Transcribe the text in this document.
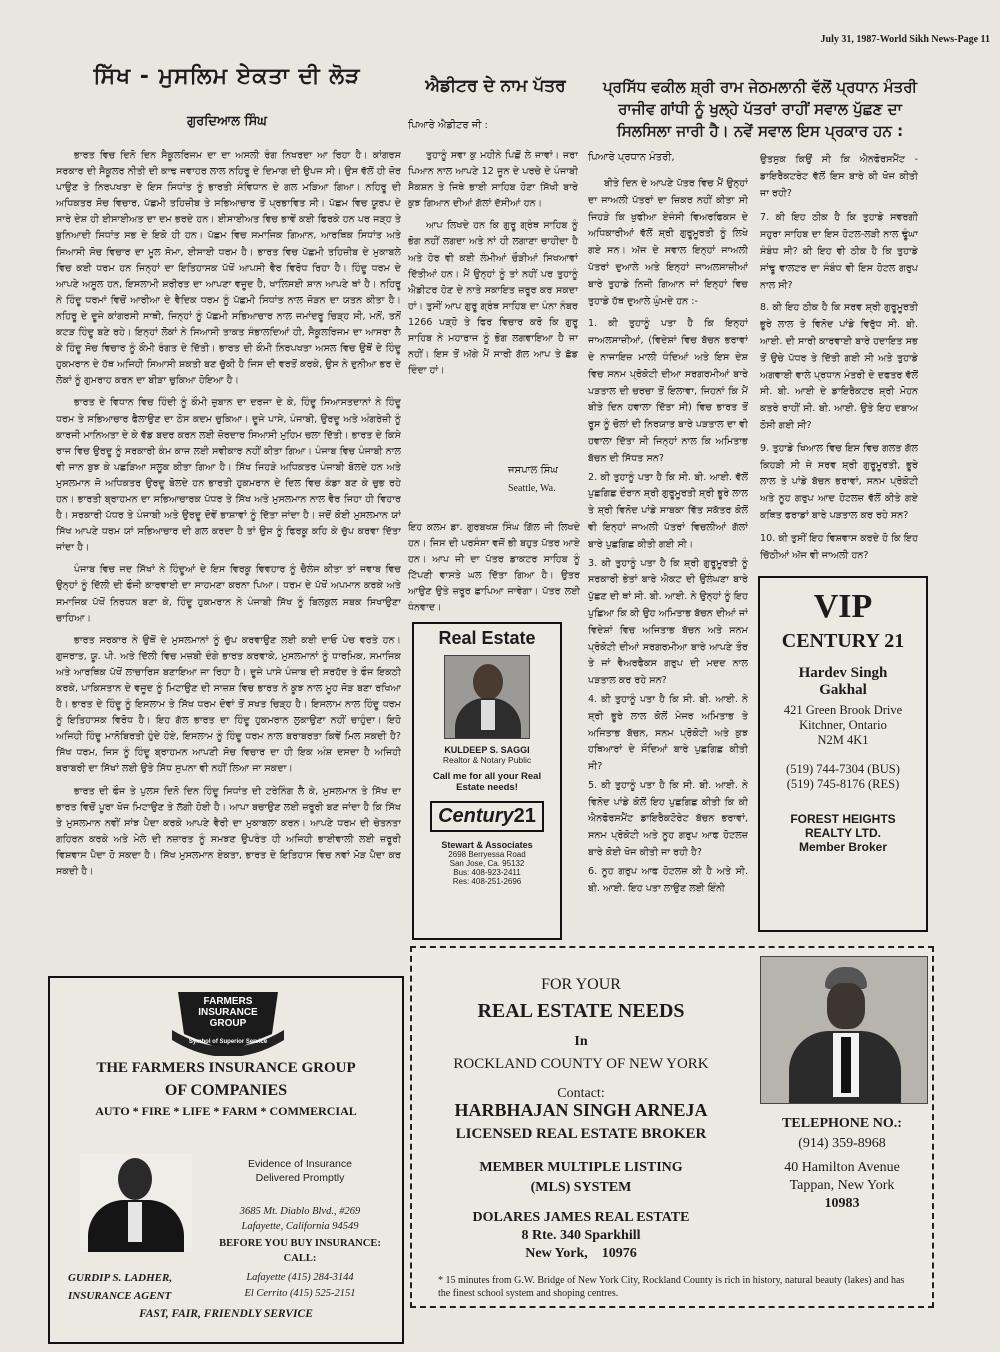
July 31, 1987-World Sikh News-Page 11
ਸਿੱਖ - ਮੁਸਲਿਮ ਏਕਤਾ ਦੀ ਲੋੜ
ਗੁਰਦਿਆਲ ਸਿੰਘ

ਭਾਰਤ ਵਿਚ ਦਿਨੋ ਦਿਨ ਸੈਕੂਲਰਿਜਮ ਦਾ ਦਾ ਅਸਲੀ ਰੰਗ ਨਿਖਰਦਾ ਆ ਰਿਹਾ ਹੈ। ਕਾਂਗਰਸ ਸਰਕਾਰ ਦੀ ਸੈਕੂਲਰ ਨੀਤੀ ਦੀ ਕਾਢ ਜਵਾਹਰ ਲਾਲ ਨਹਿਰੂ ਦੇ ਦਿਮਾਗ ਦੀ ਉਪਜ ਸੀ। ਉਸ ਵੱਲੋਂ ਹੀ ਜ਼ੋਰ ਪਾਉਣ ਤੇ ਨਿਰਪਖਤਾ ਦੇ ਇਸ ਸਿਧਾਂਤ ਨੂੰ ਭਾਰਤੀ ਸੰਵਿਧਾਨ ਦੇ ਗਲ ਮੜਿਆ ਗਿਆ। ਨਹਿਰੂ ਦੀ ਅਧਿਕਤਰ ਸੋਚ ਵਿਚਾਰ, ਪੱਛਮੀ ਤਹਿਜ਼ੀਬ ਤੇ ਸਭਿਆਚਾਰ ਤੋਂ ਪ੍ਰਭਾਵਿਤ ਸੀ। ਪੱਛਮ ਵਿਚ ਯੂਰਪ ਦੇ ਸਾਰੇ ਦੇਸ਼ ਹੀ ਈਸਾਈਅਤ ਦਾ ਦਮ ਭਰਦੇ ਹਨ। ਈਸਾਈਅਤ ਵਿਚ ਭਾਵੇਂ ਕਈ ਫਿਰਕੇ ਹਨ ਪਰ ਜੜ੍ਹ ਤੇ ਬੁਨਿਆਦੀ ਸਿਧਾਂਤ ਸਭ ਦੇ ਇਕੋ ਹੀ ਹਨ। ਪੱਛਮ ਵਿਚ ਸਮਾਜਿਕ ਗਿਆਨ, ਆਰਥਿਕ ਸਿਧਾਂਤ ਅਤੇ ਸਿਆਸੀ ਸੋਚ ਵਿਚਾਰ ਦਾ ਮੂਲ ਸੋਮਾ, ਈਸਾਈ ਧਰਮ ਹੈ। ਭਾਰਤ ਵਿਚ ਪੱਛਮੀ ਤਹਿਜ਼ੀਬ ਦੇ ਮੁਕਾਬਲੇ ਵਿਚ ਕਈ ਧਰਮ ਹਨ ਜਿਨ੍ਹਾਂ ਦਾ ਇਤਿਹਾਸਕ ਪੱਖੋਂ ਆਪਸੀ ਵੈਰ ਵਿਰੋਧ ਰਿਹਾ ਹੈ। ਹਿੰਦੂ ਧਰਮ ਦੇ ਆਪਣੇ ਅਸੂਲ ਹਨ, ਇਸਲਾਮੀ ਸ਼ਰੀਰਤ ਦਾ ਆਪਣਾ ਵਜੂਦ ਹੈ, ਖਾਲਿਸਈ ਸ਼ਾਨ ਆਪਣੇ ਥਾਂ ਹੈ। ਨਹਿਰੂ ਨੇ ਹਿੰਦੂ ਧਰਮਾਂ ਵਿਚੋਂ ਆਰੀਆ ਦੇ ਵੈਦਿਕ ਧਰਮ ਨੂੰ ਪੱਛਮੀ ਸਿਧਾਂਤ ਨਾਲ ਜੋੜਨ ਦਾ ਯਤਨ ਕੀਤਾ ਹੈ। ਨਹਿਰੂ ਦੇ ਦੂਜੇ ਕਾਂਗਰਸੀ ਸਾਥੀ, ਜਿਨ੍ਹਾਂ ਨੂੰ ਪੱਛਮੀ ਸਭਿਆਚਾਰ ਨਾਲ ਜਮਾਂਦਰੂ ਚਿੜ੍ਹ ਸੀ, ਮਨੋਂ, ਤਨੋਂ ਕਟੜ ਹਿੰਦੂ ਬਣੇ ਰਹੇ। ਇਨ੍ਹਾਂ ਲੋਕਾਂ ਨੇ ਸਿਆਸੀ ਤਾਕਤ ਸੰਭਾਲਦਿਆਂ ਹੀ, ਸੈਕੂਲਰਿਜਮ ਦਾ ਆਸਰਾ ਲੈ ਕੇ ਹਿੰਦੂ ਸੋਚ ਵਿਚਾਰ ਨੂੰ ਕੌਮੀ ਰੰਗਤ ਦੇ ਦਿੱਤੀ। ਭਾਰਤ ਦੀ ਕੌਮੀ ਨਿਰਪਖਤਾ ਅਸਲ ਵਿਚ ਉਥੋਂ ਦੇ ਹਿੰਦੂ ਹੁਕਮਰਾਨ ਦੇ ਹੱਥ ਅਜਿਹੀ ਸਿਆਸੀ ਸ਼ਕਤੀ ਬਣ ਚੁੱਕੀ ਹੈ ਜਿਸ ਦੀ ਵਰਤੋਂ ਕਰਕੇ, ਉਸ ਨੇ ਦੁਨੀਆ ਭਰ ਦੇ ਲੋਕਾਂ ਨੂੰ ਗੁਮਰਾਹ ਕਰਨ ਦਾ ਬੀੜਾ ਚੁਕਿਆ ਹੋਇਆ ਹੈ।

ਭਾਰਤ ਦੇ ਵਿਧਾਨ ਵਿਚ ਹਿੰਦੀ ਨੂੰ ਕੌਮੀ ਜ਼ੁਬਾਨ ਦਾ ਦਰਜਾ ਦੇ ਕੇ, ਹਿੰਦੂ ਸਿਆਸਤਦਾਨਾਂ ਨੇ ਹਿੰਦੂ ਧਰਮ ਤੇ ਸਭਿਆਚਾਰ ਫੈਲਾਉਣ ਦਾ ਠੋਸ ਕਦਮ ਚੁਕਿਆ। ਦੂਜੇ ਪਾਸੇ, ਪੰਜਾਬੀ, ਉਰਦੂ ਅਤੇ ਅੰਗਰੇਜ਼ੀ ਨੂੰ ਕਾਰਜੀ ਮਾਨਿਅਤਾ ਦੇ ਕੇ ਵੱਡ ਬਦਰ ਕਰਨ ਲਈ ਜ਼ੋਰਦਾਰ ਸਿਆਸੀ ਮੁਹਿਮ ਚਲਾ ਦਿੱਤੀ। ਭਾਰਤ ਦੇ ਕਿਸੇ ਰਾਜ ਵਿਚ ਉਰਦੂ ਨੂੰ ਸਰਕਾਰੀ ਕੰਮ ਕਾਜ ਲਈ ਸਵੀਕਾਰ ਨਹੀਂ ਕੀਤਾ ਗਿਆ। ਪੰਜਾਬ ਵਿਚ ਪੰਜਾਬੀ ਨਾਲ ਵੀ ਜਾਨ ਬੁਝ ਕੇ ਪਛੜਿਆ ਸਲੂਕ ਕੀਤਾ ਗਿਆ ਹੈ। ਸਿੱਖ ਜਿਹੜੇ ਅਧਿਕਤਰ ਪੰਜਾਬੀ ਬੋਲਦੇ ਹਨ ਅਤੇ ਮੁਸਲਮਾਨ ਜੋ ਅਧਿਕਤਰ ਉਰਦੂ ਬੋਲਦੇ ਹਨ ਭਾਰਤੀ ਹੁਕਮਰਾਨ ਦੇ ਦਿਲ ਵਿਚ ਕੰਡਾ ਬਣ ਕੇ ਚੁਭ ਰਹੇ ਹਨ। ਭਾਰਤੀ ਬ੍ਰਾਹਮਨ ਦਾ ਸਭਿਆਚਾਰਕ ਪੱਧਰ ਤੇ ਸਿੱਖ ਅਤੇ ਮੁਸਲਮਾਨ ਨਾਲ ਵੈਰ ਜਿਹਾ ਹੀ ਵਿਹਾਰ ਹੈ। ਸਰਕਾਰੀ ਪੱਧਰ ਤੇ ਪੰਜਾਬੀ ਅਤੇ ਉਰਦੂ ਦੋਵੇਂ ਭਾਸ਼ਾਵਾਂ ਨੂੰ ਦਿੱਤਾ ਜਾਂਦਾ ਹੈ। ਜਦੋਂ ਕੋਈ ਮੁਸਲਮਾਨ ਯਾਂ ਸਿੱਖ ਆਪਣੇ ਧਰਮ ਯਾਂ ਸਭਿਆਚਾਰ ਦੀ ਗਲ ਕਰਦਾ ਹੈ ਤਾਂ ਉਸ ਨੂੰ ਫਿਰਕੂ ਕਹਿ ਕੇ ਚੁੱਪ ਕਰਵਾ ਦਿੱਤਾ ਜਾਂਦਾ ਹੈ।

ਪੰਜਾਬ ਵਿਚ ਜਦ ਸਿੱਖਾਂ ਨੇ ਹਿੰਦੂਆਂ ਦੇ ਇਸ ਵਿਰਕੂ ਵਿਵਹਾਰ ਨੂੰ ਚੈਲੰਜ ਕੀਤਾ ਤਾਂ ਜਵਾਬ ਵਿਚ ਉਨ੍ਹਾਂ ਨੂੰ ਦਿੱਲੀ ਦੀ ਫੌਜੀ ਕਾਰਵਾਈ ਦਾ ਸਾਹਮਣਾ ਕਰਨਾ ਪਿਆ। ਧਰਮ ਦੇ ਪੱਖੋਂ ਅਪਮਾਨ ਕਰਕੇ ਅਤੇ ਸਮਾਜਿਕ ਪੱਖੋਂ ਨਿਰਧਨ ਬਣਾ ਕੇ, ਹਿੰਦੂ ਹੁਕਮਰਾਨ ਨੇ ਪੰਜਾਬੀ ਸਿੱਖ ਨੂੰ ਬਿਲਕੁਲ ਸਬਕ ਸਿਖਾਉਣਾ ਚਾਹਿਆ।

ਭਾਰਤ ਸਰਕਾਰ ਨੇ ਉਥੋਂ ਦੇ ਮੁਸਲਮਾਨਾਂ ਨੂੰ ਚੁੱਪ ਕਰਵਾਉਣ ਲਈ ਕਈ ਦਾਓ ਪੇਚ ਵਰਤੇ ਹਨ। ਗੁਜਰਾਤ, ਯੂ. ਪੀ. ਅਤੇ ਦਿੱਲੀ ਵਿਚ ਮਜ਼ਬੀ ਦੰਗੇ ਭਾਰਤ ਕਰਵਾਕੇ, ਮੁਸਲਮਾਨਾਂ ਨੂੰ ਧਾਰਮਿਕ, ਸਮਾਜਿਕ ਅਤੇ ਆਰਥਿਕ ਪੱਖੋਂ ਲਾਚਾਰਿਸ ਬਣਾਇਆ ਜਾ ਰਿਹਾ ਹੈ। ਦੂਜੇ ਪਾਸੇ ਪੰਜਾਬ ਦੀ ਸਰਹੱਦ ਤੇ ਫੌਜ ਇਕਠੀ ਕਰਕੇ, ਪਾਕਿਸਤਾਨ ਦੇ ਵਜੂਦ ਨੂੰ ਮਿਟਾਉਣ ਦੀ ਸਾਜ਼ਸ਼ ਵਿਚ ਭਾਰਤ ਨੇ ਕੂਝ ਨਾਲ ਮੂਹ ਜੋੜ ਬਣਾ ਰਖਿਆ ਹੈ। ਭਾਰਤ ਦੇ ਹਿੰਦੂ ਨੂੰ ਇਸਲਾਮ ਤੇ ਸਿੱਖ ਧਰਮ ਦੋਵਾਂ ਤੋਂ ਸਖਤ ਚਿੜ੍ਹ ਹੈ। ਇਸਲਾਮ ਨਾਲ ਹਿੰਦੂ ਧਰਮ ਨੂੰ ਇਤਿਹਾਸਕ ਵਿਰੋਧ ਹੈ। ਇਹ ਗੱਲ ਭਾਰਤ ਦਾ ਹਿੰਦੂ ਹੁਕਮਰਾਨ ਲੁਕਾਉਣਾ ਨਹੀਂ ਚਾਹੁੰਦਾ। ਇਹੋ ਅਜਿਹੀ ਹਿੰਦੂ ਮਾਨੋਬਿਰਤੀ ਹੁੰਦੇ ਹੋਏ, ਇਸਲਾਮ ਨੂੰ ਹਿੰਦੂ ਧਰਮ ਨਾਲ ਬਰਾਬਰਤਾ ਕਿਵੇਂ ਮਿਲ ਸਕਦੀ ਹੈ? ਸਿੱਖ ਧਰਮ, ਜਿਸ ਨੂੰ ਹਿੰਦੂ ਬ੍ਰਾਹਮਨ ਆਪਣੀ ਸੋਚ ਵਿਚਾਰ ਦਾ ਹੀ ਇਕ ਅੰਸ਼ ਦਸਦਾ ਹੈ ਅਜਿਹੀ ਬਰਾਬਰੀ ਦਾ ਸਿੱਖਾਂ ਲਈ ਉਤੇ ਸਿੱਧ ਸੁਪਨਾ ਵੀ ਨਹੀਂ ਲਿਆ ਜਾ ਸਕਦਾ।

ਭਾਰਤ ਦੀ ਫੌਜ ਤੇ ਪੁਲਸ ਦਿਨੋ ਦਿਨ ਹਿੰਦੂ ਸਿਧਾਂਤ ਦੀ ਟਰੇਨਿੰਗ ਲੈ ਕੇ, ਮੁਸਲਮਾਨ ਤੇ ਸਿੱਖ ਦਾ ਭਾਰਤ ਵਿਚੋਂ ਪੂਰਾ ਖੋਜ ਮਿਟਾਉਣ ਤੇ ਲੱਗੀ ਹੋਈ ਹੈ। ਆਪਾ ਬਚਾਉਣ ਲਈ ਜ਼ਰੂਰੀ ਬਣ ਜਾਂਦਾ ਹੈ ਕਿ ਸਿੱਖ ਤੇ ਮੁਸਲਮਾਨ ਨਵੀਂ ਸਾਂਝ ਪੈਦਾ ਕਰਕੇ ਆਪਣੇ ਵੈਰੀ ਦਾ ਮੁਕਾਬਲਾ ਕਰਨ। ਆਪਣੇ ਧਰਮ ਦੀ ਚੇਤਨਤਾ ਗਹਿਰਨ ਕਰਕੇ ਅਤੇ ਮੇਲੇ ਦੀ ਨਜ਼ਾਰਤ ਨੂੰ ਸਮਝਣ ਉਪਰੰਤ ਹੀ ਅਜਿਹੀ ਭਾਈਵਾਲੀ ਲਈ ਜ਼ਰੂਰੀ ਵਿਸ਼ਵਾਸ ਪੈਦਾ ਹੋ ਸਕਦਾ ਹੈ। ਸਿੱਖ ਮੁਸਲਮਾਨ ਏਕਤਾ, ਭਾਰਤ ਦੇ ਇਤਿਹਾਸ ਵਿਚ ਨਵਾਂ ਮੋੜ ਪੈਦਾ ਕਰ ਸਕਦੀ ਹੈ।

ਐਡੀਟਰ ਦੇ ਨਾਮ ਪੱਤਰ
ਪਿਆਰੇ ਐਡੀਟਰ ਜੀ :

ਤੁਹਾਨੂੰ ਸਵਾ ਕੁ ਮਹੀਨੇ ਪਿਛੋਂ ਲੇ ਜਾਵਾਂ। ਜਰਾ ਪਿਆਨ ਨਾਲ ਆਪਣੇ 12 ਜੂਨ ਦੇ ਪਰਚੇ ਦੇ ਪੰਜਾਬੀ ਸੈਕਸ਼ਨ ਤੇ ਜਿਥੇ ਭਾਈ ਸਾਹਿਬ ਹੋਣਾ ਸਿੱਖੀ ਬਾਰੇ ਕੁਝ ਗਿਆਨ ਦੀਆਂ ਗੱਲਾਂ ਦੱਸੀਆਂ ਹਨ।

ਆਪ ਲਿਖਦੇ ਹਨ ਕਿ ਗੁਰੂ ਗ੍ਰੰਥ ਸਾਹਿਬ ਨੂੰ ਭੋਗ ਨਹੀਂ ਲਗਦਾ ਅਤੇ ਨਾਂ ਹੀ ਲਗਾਣਾ ਚਾਹੀਦਾ ਹੈ ਅਤੇ ਹੋਰ ਵੀ ਕਈ ਲੰਮੀਆਂ ਚੌੜੀਆਂ ਸਿਖਆਵਾਂ ਦਿੱਤੀਆਂ ਹਨ। ਮੈਂ ਉਨ੍ਹਾਂ ਨੂੰ ਤਾਂ ਨਹੀਂ ਪਰ ਤੁਹਾਨੂੰ ਐਡੀਟਰ ਹੋਣ ਦੇ ਨਾਤੇ ਸਕਾਇਤ ਜ਼ਰੂਰ ਕਰ ਸਕਦਾ ਹਾਂ। ਤੁਸੀਂ ਆਪ ਗੁਰੂ ਗ੍ਰੰਥ ਸਾਹਿਬ ਦਾ ਪੰਨਾ ਨੰਬਰ 1266 ਪੜ੍ਹੋ ਤੇ ਫਿਰ ਵਿਚਾਰ ਕਰੋ ਕਿ ਗੁਰੂ ਸਾਹਿਬ ਨੇ ਮਹਾਰਾਜ ਨੂੰ ਭੋਗ ਲਗਵਾਇਆ ਹੈ ਜਾ ਨਹੀਂ। ਇਸ ਤੋਂ ਅੱਗੇ ਮੈਂ ਸਾਰੀ ਗੱਲ ਆਪ ਤੇ ਛੱਡ ਦਿੰਦਾ ਹਾਂ।

ਜਸਪਾਲ ਸਿੰਘ
Seattle, Wa.
ਇਹ ਕਲਮ ਡਾ. ਗੁਰਬਖਸ਼ ਸਿੰਘ ਗਿੱਲ ਜੀ ਲਿਖਦੇ ਹਨ। ਜਿਸ ਦੀ ਪਰਸੰਸਾ ਵਜੋਂ ਭੀ ਬਹੁਤ ਪੱਤਰ ਆਏ ਹਨ। ਆਪ ਜੀ ਦਾ ਪੱਤਰ ਡਾਕਟਰ ਸਾਹਿਬ ਨੂੰ ਟਿੱਪਣੀ ਵਾਸਤੇ ਘਲ ਦਿੱਤਾ ਗਿਆ ਹੈ। ਉਤਰ ਆਉਣ ਉਤੇ ਜ਼ਰੂਰ ਛਾਪਿਆ ਜਾਵੇਗਾ। ਪੱਤਰ ਲਈ ਧੰਨਵਾਦ।
Real Estate
KULDEEP S. SAGGI
Realtor & Notary Public
Call me for all your Real
Estate needs!
Century21
Stewart & Associates
2698 Berryessa Road
San Jose, Ca. 95132
Bus: 408-923-2411
Res: 408-251-2696
ਪ੍ਰਸਿੱਧ ਵਕੀਲ ਸ਼੍ਰੀ ਰਾਮ ਜੇਠਮਲਾਨੀ ਵੱਲੋਂ ਪ੍ਰਧਾਨ ਮੰਤਰੀ ਰਾਜੀਵ ਗਾਂਧੀ ਨੂੰ ਖੁਲ੍ਹੇ ਪੱਤਰਾਂ ਰਾਹੀਂ ਸਵਾਲ ਪੁੱਛਣ ਦਾ ਸਿਲਸਿਲਾ ਜਾਰੀ ਹੈ। ਨਵੇਂ ਸਵਾਲ ਇਸ ਪ੍ਰਕਾਰ ਹਨ :
ਪਿਆਰੇ ਪ੍ਰਧਾਨ ਮੰਤਰੀ,
ਬੀਤੇ ਦਿਨ ਦੇ ਆਪਣੇ ਪੱਤਰ ਵਿਚ ਮੈਂ ਉਨ੍ਹਾਂ ਦਾ ਜਾਅਲੀ ਪੱਤਰਾਂ ਦਾ ਜ਼ਿਕਰ ਨਹੀਂ ਕੀਤਾ ਸੀ ਜਿਹੜੇ ਕਿ ਖੁਫੀਆ ਏਜੰਸੀ ਵਿਅਰਫਿਕਸ ਦੇ ਅਧਿਕਾਰੀਆਂ ਵੱਲੋਂ ਸ਼੍ਰੀ ਗੁਰੂਮੂਰਤੀ ਨੂੰ ਲਿਖੇ ਗਏ ਸਨ। ਅੱਜ ਦੇ ਸਵਾਲ ਇਨ੍ਹਾਂ ਜਾਅਲੀ ਪੱਤਰਾਂ ਦੁਆਲੇ ਅਤੇ ਇਨ੍ਹਾਂ ਜਾਅਲਸਾਜ਼ੀਆਂ ਬਾਰੇ ਤੁਹਾਡੇ ਨਿਜੀ ਗਿਆਨ ਜਾਂ ਇਨ੍ਹਾਂ ਵਿਚ ਤੁਹਾਡੇ ਹੱਥ ਦੁਆਲੇ ਘੁੰਮਦੇ ਹਨ :-
1. ਕੀ ਤੁਹਾਨੂੰ ਪਤਾ ਹੈ ਕਿ ਇਨ੍ਹਾਂ ਜਾਅਲਸਾਜ਼ੀਆਂ, (ਵਿਦੇਸ਼ਾਂ ਵਿਚ ਬੱਚਨ ਭਰਾਵਾਂ ਦੇ ਨਾਜਾਇਜ਼ ਮਾਲੀ ਧੰਦਿਆਂ ਅਤੇ ਇਸ ਦੇਸ਼ ਵਿਚ ਸਨਮ ਪ੍ਰੋਕੋਟੀ ਦੀਆ ਸਰਗਰਮੀਆਂ ਬਾਰੇ ਪੜਤਾਲ ਦੀ ਚਰਚਾ ਤੋਂ ਇਲਾਵਾ, ਜਿਹਨਾਂ ਕਿ ਮੈਂ ਬੀਤੇ ਦਿਨ ਹਵਾਲਾ ਦਿੱਤਾ ਸੀ) ਵਿਚ ਭਾਰਤ ਤੋਂ ਰੂਸ ਨੂੰ ਚੋਲਾਂ ਦੀ ਨਿਰਯਾਤ ਬਾਰੇ ਪੜਤਾਲ ਦਾ ਵੀ ਹਵਾਲਾ ਦਿੱਤਾ ਸੀ ਜਿਨ੍ਹਾਂ ਨਾਲ ਕਿ ਅਮਿਤਾਭ ਬੱਚਨ ਦੀ ਸਿੱਧਤ ਸਨ?
2. ਕੀ ਤੁਹਾਨੂੰ ਪਤਾ ਹੈ ਕਿ ਸੀ. ਬੀ. ਆਈ. ਵੱਲੋਂ ਪੁਛਗਿਛ ਦੌਰਾਨ ਸ਼੍ਰੀ ਗੁਰੂਮੂਰਤੀ ਸ਼੍ਰੀ ਭੂਰੇ ਲਾਲ ਤੇ ਸ਼੍ਰੀ ਵਿਨੋਦ ਪਾਂਡੇ ਸਾਬਕਾ ਵਿੱਤ ਸਕੱਤਰ ਕੋਲੋਂ ਵੀ ਇਨ੍ਹਾਂ ਜਾਅਲੀ ਪੱਤਰਾਂ ਵਿਚਲੀਆਂ ਗੱਲਾਂ ਬਾਰੇ ਪੁਛਗਿਛ ਕੀਤੀ ਗਈ ਸੀ।
3. ਕੀ ਤੁਹਾਨੂੰ ਪਤਾ ਹੈ ਕਿ ਸ਼੍ਰੀ ਗੁਰੂਮੂਰਤੀ ਨੂੰ ਸਰਕਾਰੀ ਭੇਤਾਂ ਬਾਰੇ ਐਕਟ ਦੀ ਉਲੰਘਣਾ ਬਾਰੇ ਪੁੱਛਣ ਦੀ ਥਾਂ ਸੀ. ਬੀ. ਆਈ. ਨੇ ਉਨ੍ਹਾਂ ਨੂੰ ਇਹ ਪੁਛਿਆ ਕਿ ਕੀ ਉਹ ਅਮਿਤਾਭ ਬੱਚਨ ਦੀਆਂ ਜਾਂ ਵਿਦੇਸ਼ਾਂ ਵਿਚ ਅਜਿਤਾਭ ਬੱਚਨ ਅਤੇ ਸਨਮ ਪ੍ਰੋਕੋਟੀ ਦੀਆਂ ਸਰਗਰਮੀਆ ਬਾਰੇ ਆਪਣੇ ਤੌਰ ਤੇ ਜਾਂ ਵੈਅਰਫੈਕਸ ਗਰੁਪ ਦੀ ਮਦਦ ਨਾਲ ਪੜਤਾਲ ਕਰ ਰਹੇ ਸਨ?
4. ਕੀ ਤੁਹਾਨੂੰ ਪਤਾ ਹੈ ਕਿ ਸੀ. ਬੀ. ਆਈ. ਨੇ ਸ਼੍ਰੀ ਭੂਰੇ ਲਾਲ ਕੋਲੋਂ ਮੇਜਰ ਅਮਿਤਾਭ ਤੇ ਅਜਿਤਾਭ ਬੱਚਨ, ਸਨਮ ਪ੍ਰੋਕੋਟੀ ਅਤੇ ਕੁਝ ਹਥਿਆਰਾਂ ਦੇ ਸੌਦਿਆਂ ਬਾਰੇ ਪੁਛਗਿਛ ਕੀਤੀ ਸੀ?
5. ਕੀ ਤੁਹਾਨੂੰ ਪਤਾ ਹੈ ਕਿ ਸੀ. ਬੀ. ਆਈ. ਨੇ ਵਿਨੋਦ ਪਾਂਡੇ ਕੋਲੋਂ ਇਹ ਪੁਛਗਿਛ ਕੀਤੀ ਕਿ ਕੀ ਐਨਫੋਰਸਮੈਂਟ ਡਾਇਰੈਕਟੋਰੇਟ ਬੱਚਨ ਭਰਾਵਾਂ, ਸਨਮ ਪ੍ਰੋਕੋਟੀ ਅਤੇ ਨੂਹ ਗਰੁਪ ਆਫ ਹੋਟਲਜ਼ ਬਾਰੇ ਕੋਈ ਖੋਜ ਕੀਤੀ ਜਾ ਰਹੀ ਹੈ?
6. ਨੂਹ ਗਰੁਪ ਆਫ ਹੋਟਲਜ਼ ਕੀ ਹੈ ਅਤੇ ਸੀ. ਬੀ. ਆਈ. ਇਹ ਪਤਾ ਲਾਉਣ ਲਈ ਇੰਨੀ
ਉਤਸੁਕ ਕਿਉਂ ਸੀ ਕਿ ਐਨਫੋਰਸਮੈਂਟ - ਡਾਇਰੈਕਟਰੇਟ ਵੱਲੋਂ ਇਸ ਬਾਰੇ ਕੀ ਖੋਜ ਕੀਤੀ ਜਾ ਰਹੀ?
7. ਕੀ ਇਹ ਠੀਕ ਹੈ ਕਿ ਤੁਹਾਡੇ ਸਵਰਗੀ ਸਹੁਰਾ ਸਾਹਿਬ ਦਾ ਇਸ ਹੋਟਲ-ਲੜੀ ਨਾਲ ਢੂੰਘਾ ਸੰਬੰਧ ਸੀ? ਕੀ ਇਹ ਵੀ ਠੀਕ ਹੈ ਕਿ ਤੁਹਾਡੇ ਸਾਂਢੂ ਵਾਲਟਰ ਦਾ ਸੰਬੰਧ ਵੀ ਇਸ ਹੋਟਲ ਗਰੁਪ ਨਾਲ ਸੀ?
8. ਕੀ ਇਹ ਠੀਕ ਹੈ ਕਿ ਸਰਵ ਸ਼੍ਰੀ ਗੁਰੂਮੂਰਤੀ ਭੂਰੇ ਲਾਲ ਤੇ ਵਿਨੋਦ ਪਾਂਡੇ ਵਿਰੁੱਧ ਸੀ. ਬੀ. ਆਈ. ਦੀ ਸਾਰੀ ਕਾਰਵਾਈ ਬਾਰੇ ਹਦਾਇਤ ਸਭ ਤੋਂ ਉਚੇ ਪੱਧਰ ਤੇ ਦਿੱਤੀ ਗਈ ਸੀ ਅਤੇ ਤੁਹਾਡੇ ਅਗਵਾਈ ਵਾਲੇ ਪ੍ਰਧਾਨ ਮੰਤਰੀ ਦੇ ਦਫਤਰ ਵੱਲੋਂ ਸੀ. ਬੀ. ਆਈ ਦੇ ਡਾਇਰੈਕਟਰ ਸ਼੍ਰੀ ਮੋਹਨ ਕਤਰੇ ਰਾਹੀਂ ਸੀ. ਬੀ. ਆਈ. ਉਤੇ ਇਹ ਦਬਾਅ ਠੋਸੀ ਗਈ ਸੀ?
9. ਤੁਹਾਡੇ ਖਿਆਲ ਵਿਚ ਇਸ ਵਿਚ ਗਲਤ ਗੱਲ ਕਿਹੜੀ ਸੀ ਜੇ ਸਰਵ ਸ਼੍ਰੀ ਗੁਰੂਮੂਰਤੀ, ਭੂਰੇ ਲਾਲ ਤੇ ਪਾਂਡੇ ਬੱਚਨ ਭਰਾਵਾਂ, ਸਨਮ ਪ੍ਰੋਕੋਟੀ ਅਤੇ ਨੂਹ ਗਰੁਪ ਆਦ ਹੋਟਲਜ਼ ਵੱਲੋਂ ਕੀਤੇ ਗਏ ਕਥਿਤ ਫਰਾਡਾਂ ਬਾਰੇ ਪੜਤਾਲ ਕਰ ਰਹੇ ਸਨ?
10. ਕੀ ਤੁਸੀਂ ਇਹ ਵਿਸ਼ਵਾਸ ਕਰਦੇ ਹੋ ਕਿ ਇਹ ਚਿੱਠੀਆਂ ਅੱਜ ਵੀ ਜਾਅਲੀ ਹਨ?
VIP
CENTURY 21
Hardev Singh
Gakhal
421 Green Brook Drive
Kitchner, Ontario
N2M 4K1
(519) 744-7304 (BUS)
(519) 745-8176 (RES)
FOREST HEIGHTS
REALTY LTD.
Member Broker
FARMERS
INSURANCE
GROUP
Symbol of Superior Service
THE FARMERS INSURANCE GROUP
OF COMPANIES
AUTO * FIRE * LIFE * FARM * COMMERCIAL
Evidence of Insurance
Delivered Promptly
3685 Mt. Diablo Blvd., #269
Lafayette, California 94549
BEFORE YOU BUY INSURANCE:
CALL:
Lafayette (415) 284-3144
El Cerrito (415) 525-2151
GURDIP S. LADHER,
INSURANCE AGENT
FAST, FAIR, FRIENDLY SERVICE
FOR YOUR
REAL ESTATE NEEDS
In
ROCKLAND COUNTY OF NEW YORK
Contact:
HARBHAJAN SINGH ARNEJA
LICENSED REAL ESTATE BROKER
MEMBER MULTIPLE LISTING
(MLS) SYSTEM
DOLARES JAMES REAL ESTATE
8 Rte. 340 Sparkhill
New York,    10976
TELEPHONE NO.:
(914) 359-8968
40 Hamilton Avenue
Tappan, New York
10983
* 15 minutes from G.W. Bridge of New York City, Rockland County is rich in history, natural beauty (lakes) and has the finest school system and shoping centres.
